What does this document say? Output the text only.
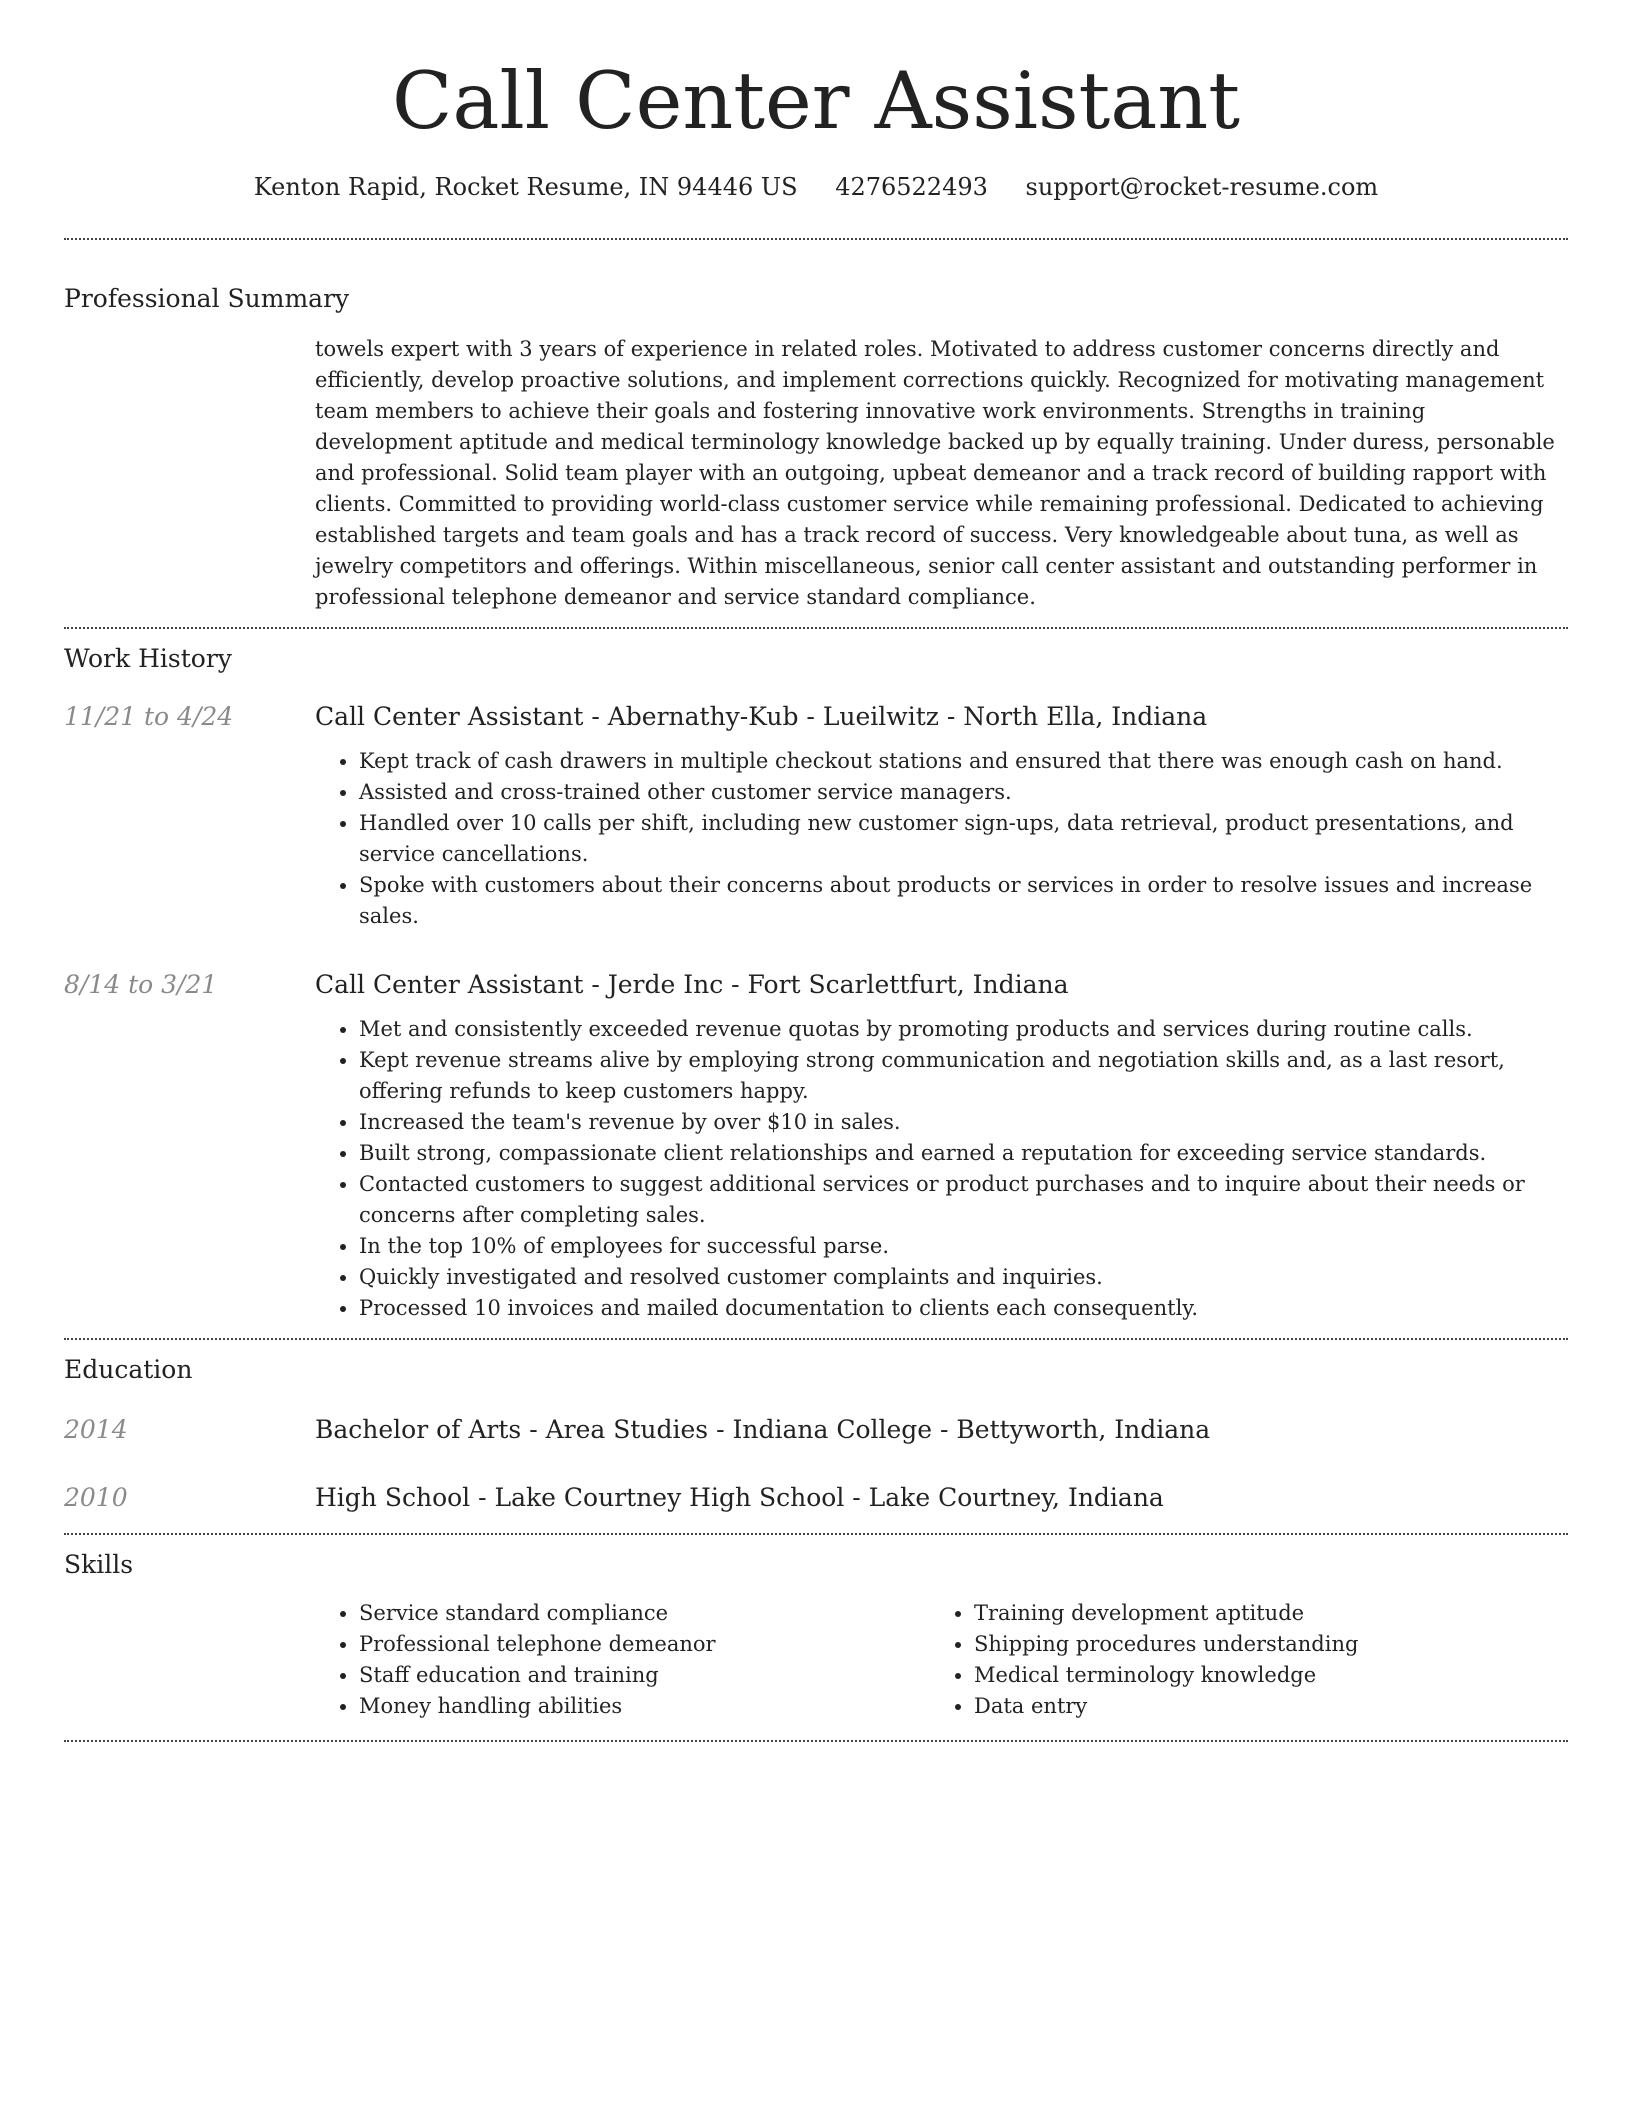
Call Center Assistant
Kenton Rapid, Rocket Resume, IN 94446 US 4276522493 support@rocket-resume.com
Professional Summary
towels expert with 3 years of experience in related roles. Motivated to address customer concerns directly and efficiently, develop proactive solutions, and implement corrections quickly. Recognized for motivating management team members to achieve their goals and fostering innovative work environments. Strengths in training development aptitude and medical terminology knowledge backed up by equally training. Under duress, personable and professional. Solid team player with an outgoing, upbeat demeanor and a track record of building rapport with clients. Committed to providing world-class customer service while remaining professional. Dedicated to achieving established targets and team goals and has a track record of success. Very knowledgeable about tuna, as well as jewelry competitors and offerings. Within miscellaneous, senior call center assistant and outstanding performer in professional telephone demeanor and service standard compliance.
Work History
11/21 to 4/24	Call Center Assistant - Abernathy-Kub - Lueilwitz - North Ella, Indiana
• Kept track of cash drawers in multiple checkout stations and ensured that there was enough cash on hand.
• Assisted and cross-trained other customer service managers.
• Handled over 10 calls per shift, including new customer sign-ups, data retrieval, product presentations, and service cancellations.
• Spoke with customers about their concerns about products or services in order to resolve issues and increase sales.
8/14 to 3/21	Call Center Assistant - Jerde Inc - Fort Scarlettfurt, Indiana
• Met and consistently exceeded revenue quotas by promoting products and services during routine calls.
• Kept revenue streams alive by employing strong communication and negotiation skills and, as a last resort, offering refunds to keep customers happy.
• Increased the team's revenue by over $10 in sales.
• Built strong, compassionate client relationships and earned a reputation for exceeding service standards.
• Contacted customers to suggest additional services or product purchases and to inquire about their needs or concerns after completing sales.
• In the top 10% of employees for successful parse.
• Quickly investigated and resolved customer complaints and inquiries.
• Processed 10 invoices and mailed documentation to clients each consequently.
Education
2014	Bachelor of Arts - Area Studies - Indiana College - Bettyworth, Indiana
2010	High School - Lake Courtney High School - Lake Courtney, Indiana
Skills
• Service standard compliance
• Professional telephone demeanor
• Staff education and training
• Money handling abilities
• Training development aptitude
• Shipping procedures understanding
• Medical terminology knowledge
• Data entry
